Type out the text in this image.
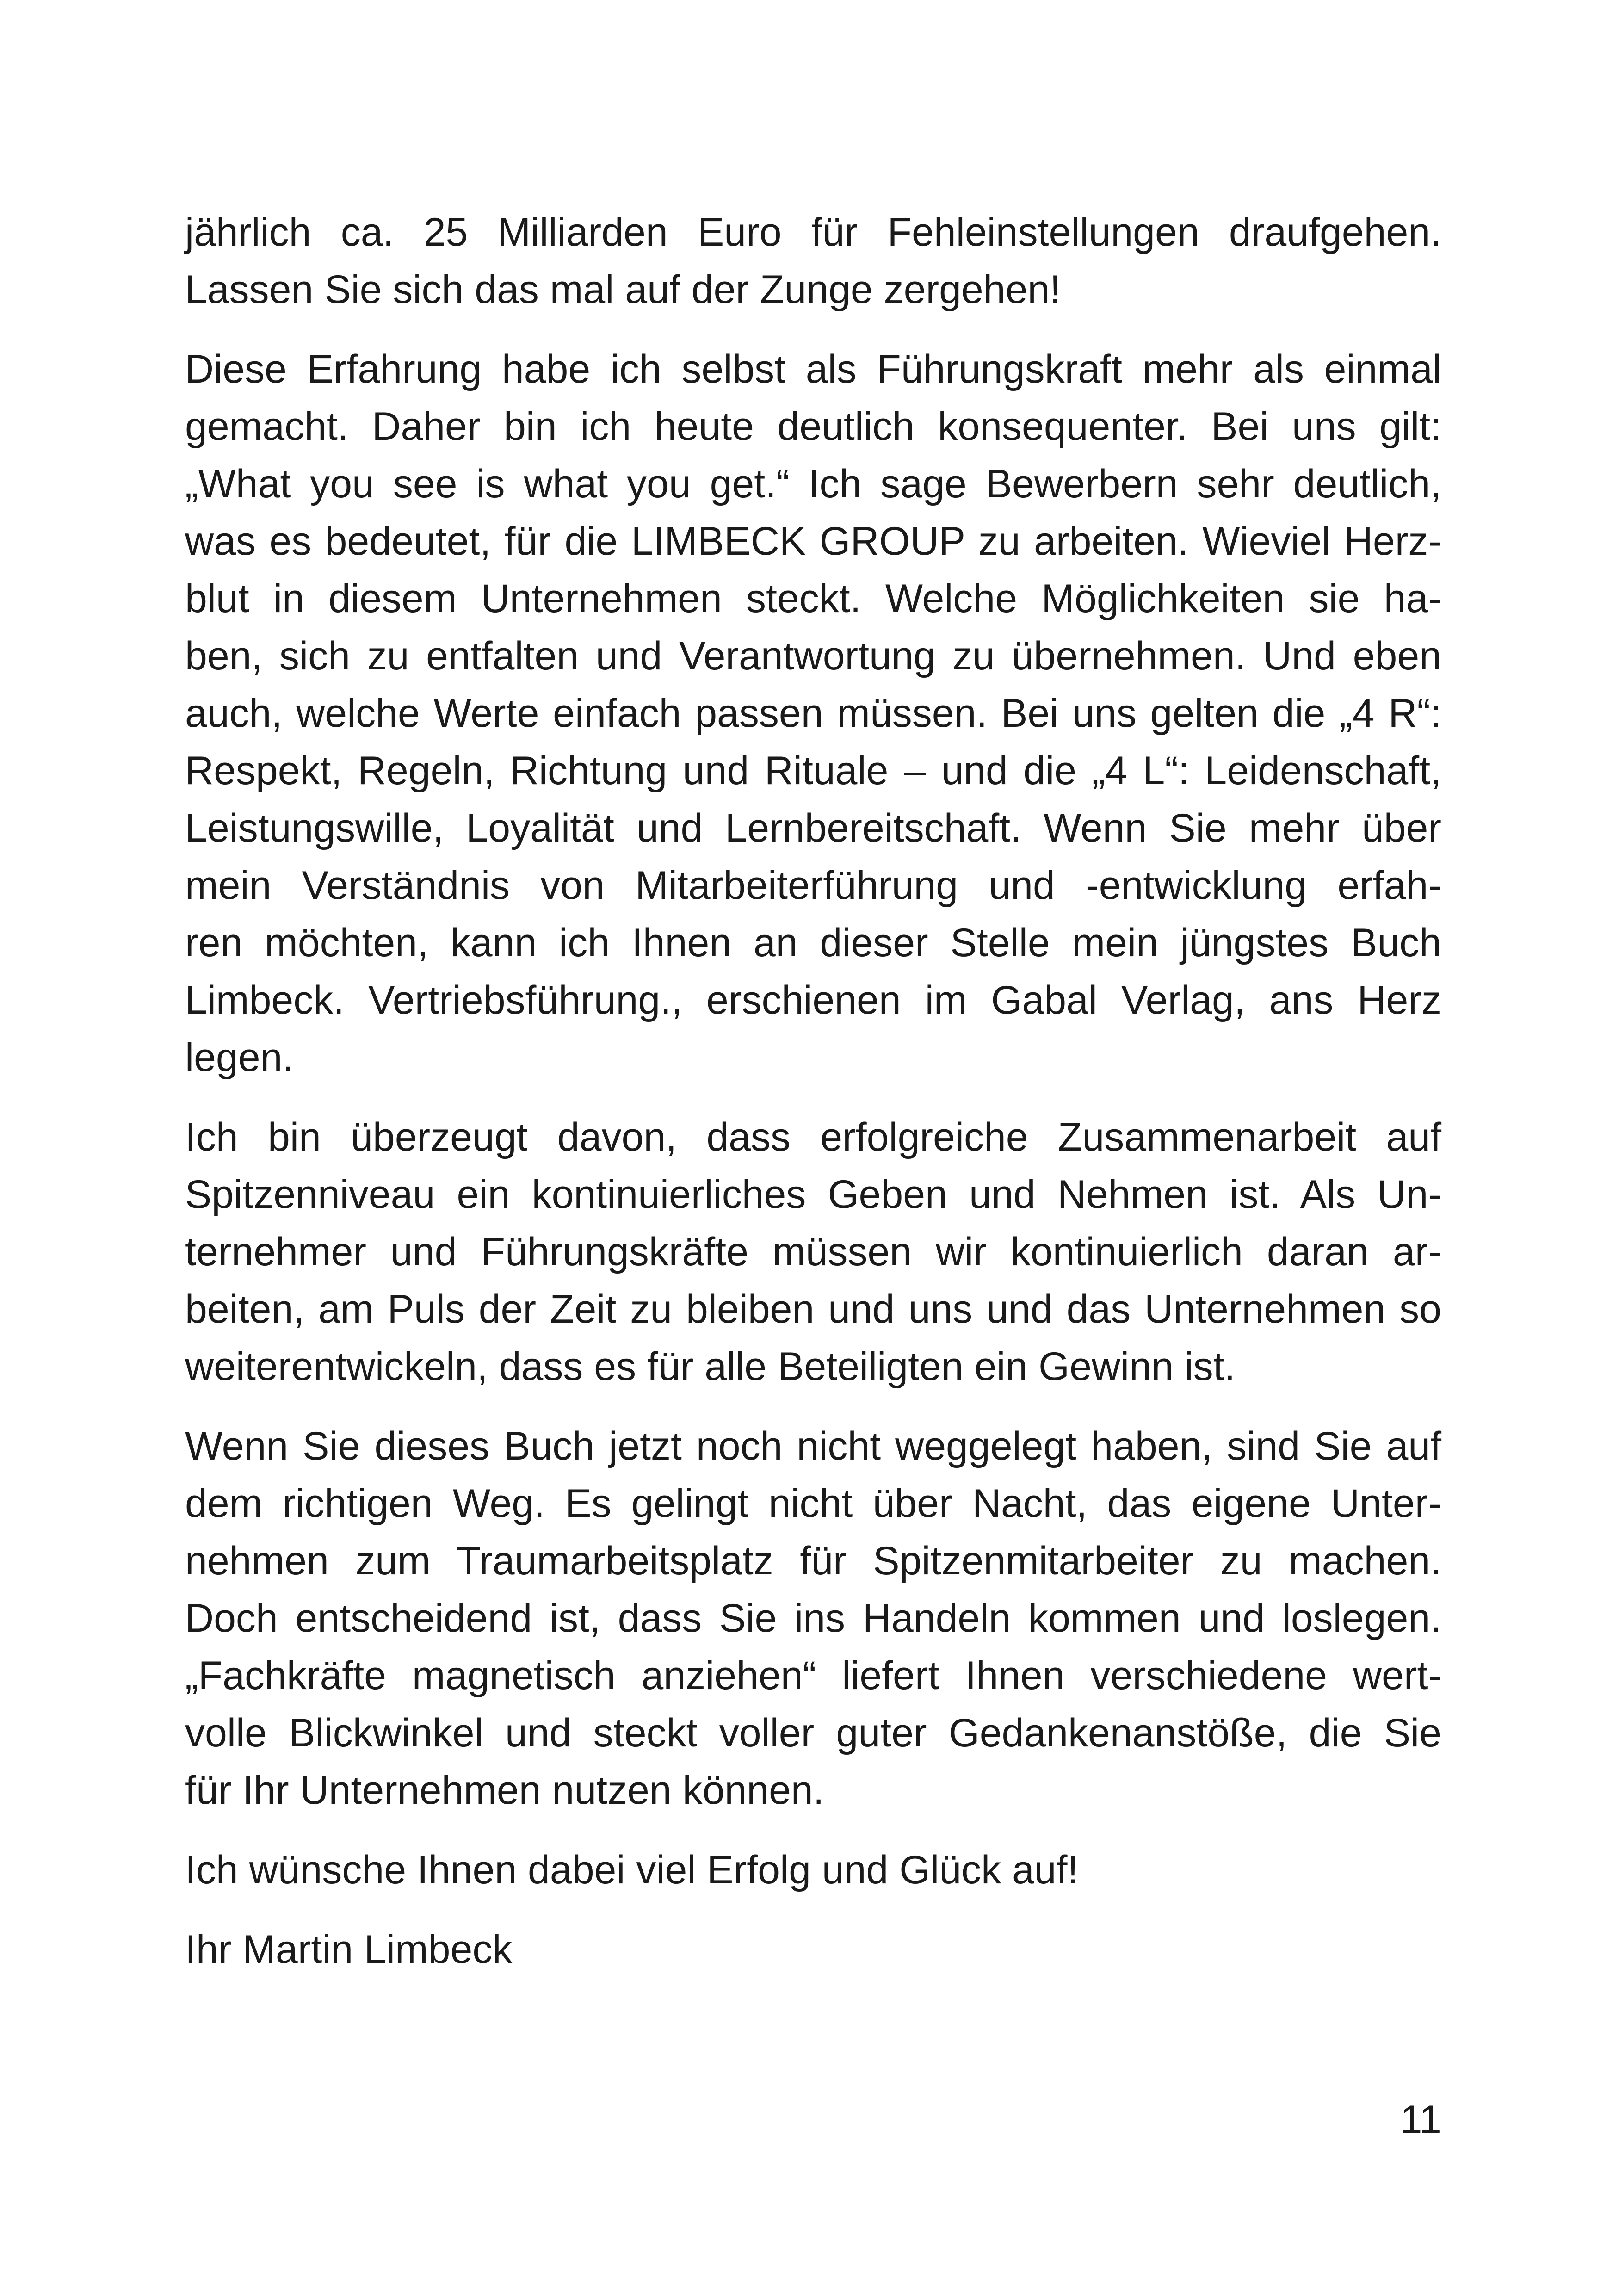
jährlich ca. 25 Milliarden Euro für Fehleinstellungen draufgehen.
Lassen Sie sich das mal auf der Zunge zergehen!
Diese Erfahrung habe ich selbst als Führungskraft mehr als einmal
gemacht. Daher bin ich heute deutlich konsequenter. Bei uns gilt:
„What you see is what you get.“ Ich sage Bewerbern sehr deutlich,
was es bedeutet, für die LIMBECK GROUP zu arbeiten. Wieviel Herz-
blut in diesem Unternehmen steckt. Welche Möglichkeiten sie ha-
ben, sich zu entfalten und Verantwortung zu übernehmen. Und eben
auch, welche Werte einfach passen müssen. Bei uns gelten die „4 R“:
Respekt, Regeln, Richtung und Rituale – und die „4 L“: Leidenschaft,
Leistungswille, Loyalität und Lernbereitschaft. Wenn Sie mehr über
mein Verständnis von Mitarbeiterführung und -entwicklung erfah-
ren möchten, kann ich Ihnen an dieser Stelle mein jüngstes Buch
Limbeck. Vertriebsführung., erschienen im Gabal Verlag, ans Herz
legen.
Ich bin überzeugt davon, dass erfolgreiche Zusammenarbeit auf
Spitzenniveau ein kontinuierliches Geben und Nehmen ist. Als Un-
ternehmer und Führungskräfte müssen wir kontinuierlich daran ar-
beiten, am Puls der Zeit zu bleiben und uns und das Unternehmen so
weiterentwickeln, dass es für alle Beteiligten ein Gewinn ist.
Wenn Sie dieses Buch jetzt noch nicht weggelegt haben, sind Sie auf
dem richtigen Weg. Es gelingt nicht über Nacht, das eigene Unter-
nehmen zum Traumarbeitsplatz für Spitzenmitarbeiter zu machen.
Doch entscheidend ist, dass Sie ins Handeln kommen und loslegen.
„Fachkräfte magnetisch anziehen“ liefert Ihnen verschiedene wert-
volle Blickwinkel und steckt voller guter Gedankenanstöße, die Sie
für Ihr Unternehmen nutzen können.
Ich wünsche Ihnen dabei viel Erfolg und Glück auf!
Ihr Martin Limbeck
11
